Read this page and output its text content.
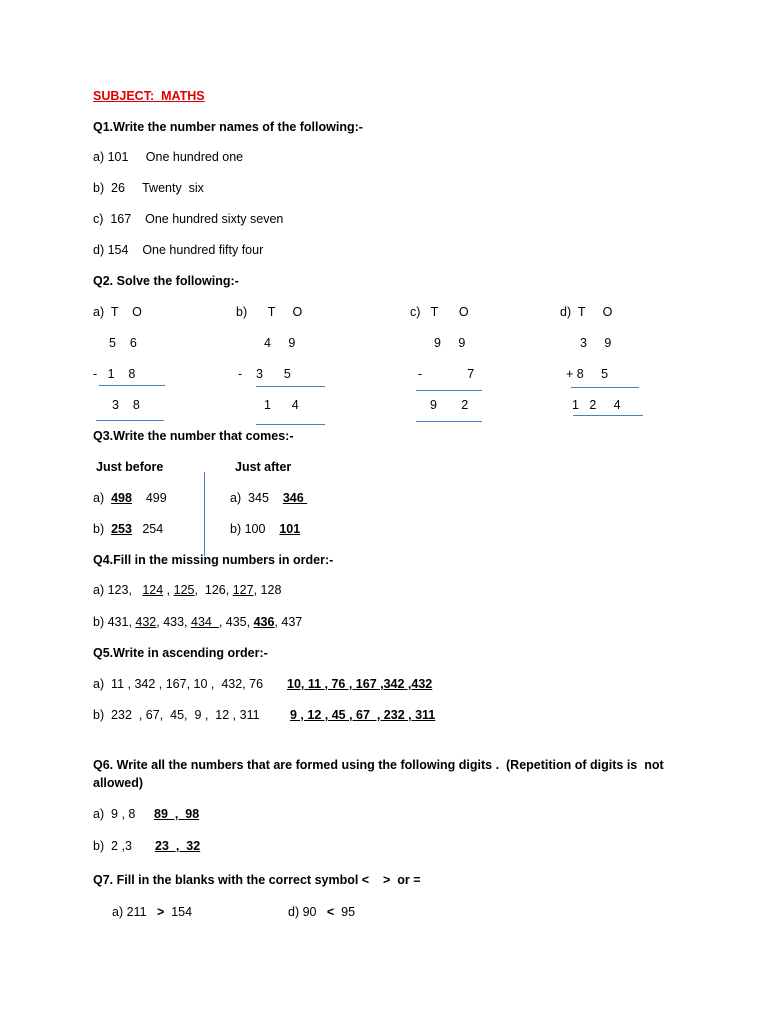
SUBJECT:  MATHS
Q1.Write the number names of the following:-
a) 101     One hundred one
b)  26     Twenty  six
c)  167    One hundred sixty seven
d) 154    One hundred fifty four
Q2. Solve the following:-
a)  T    O
5    6
-   1    8
3    8
b)      T     O
4     9
-    3      5
1      4
c)   T      O
9     9
-             7
9       2
d)  T     O
3     9
+ 8     5
1   2     4
Q3.Write the number that comes:-
Just before	Just after
a)  498    499
b)  253   254
a)  345    346
b) 100    101
Q4.Fill in the missing numbers in order:-
a) 123,   124 , 125,  126, 127, 128
b) 431, 432, 433, 434  , 435, 436, 437
Q5.Write in ascending order:-
a)  11 , 342 , 167, 10 ,  432, 76 10, 11 , 76 , 167 ,342 ,432
b)  232  , 67,  45,  9 ,  12 , 311 9 , 12 , 45 , 67  , 232 , 311
Q6. Write all the numbers that are formed using the following digits .  (Repetition of digits is  not
allowed)
a)  9 , 8 89  ,  98
b)  2 ,3 23  ,  32
Q7. Fill in the blanks with the correct symbol <    >  or =
a) 211   >  154	d) 90   <  95
